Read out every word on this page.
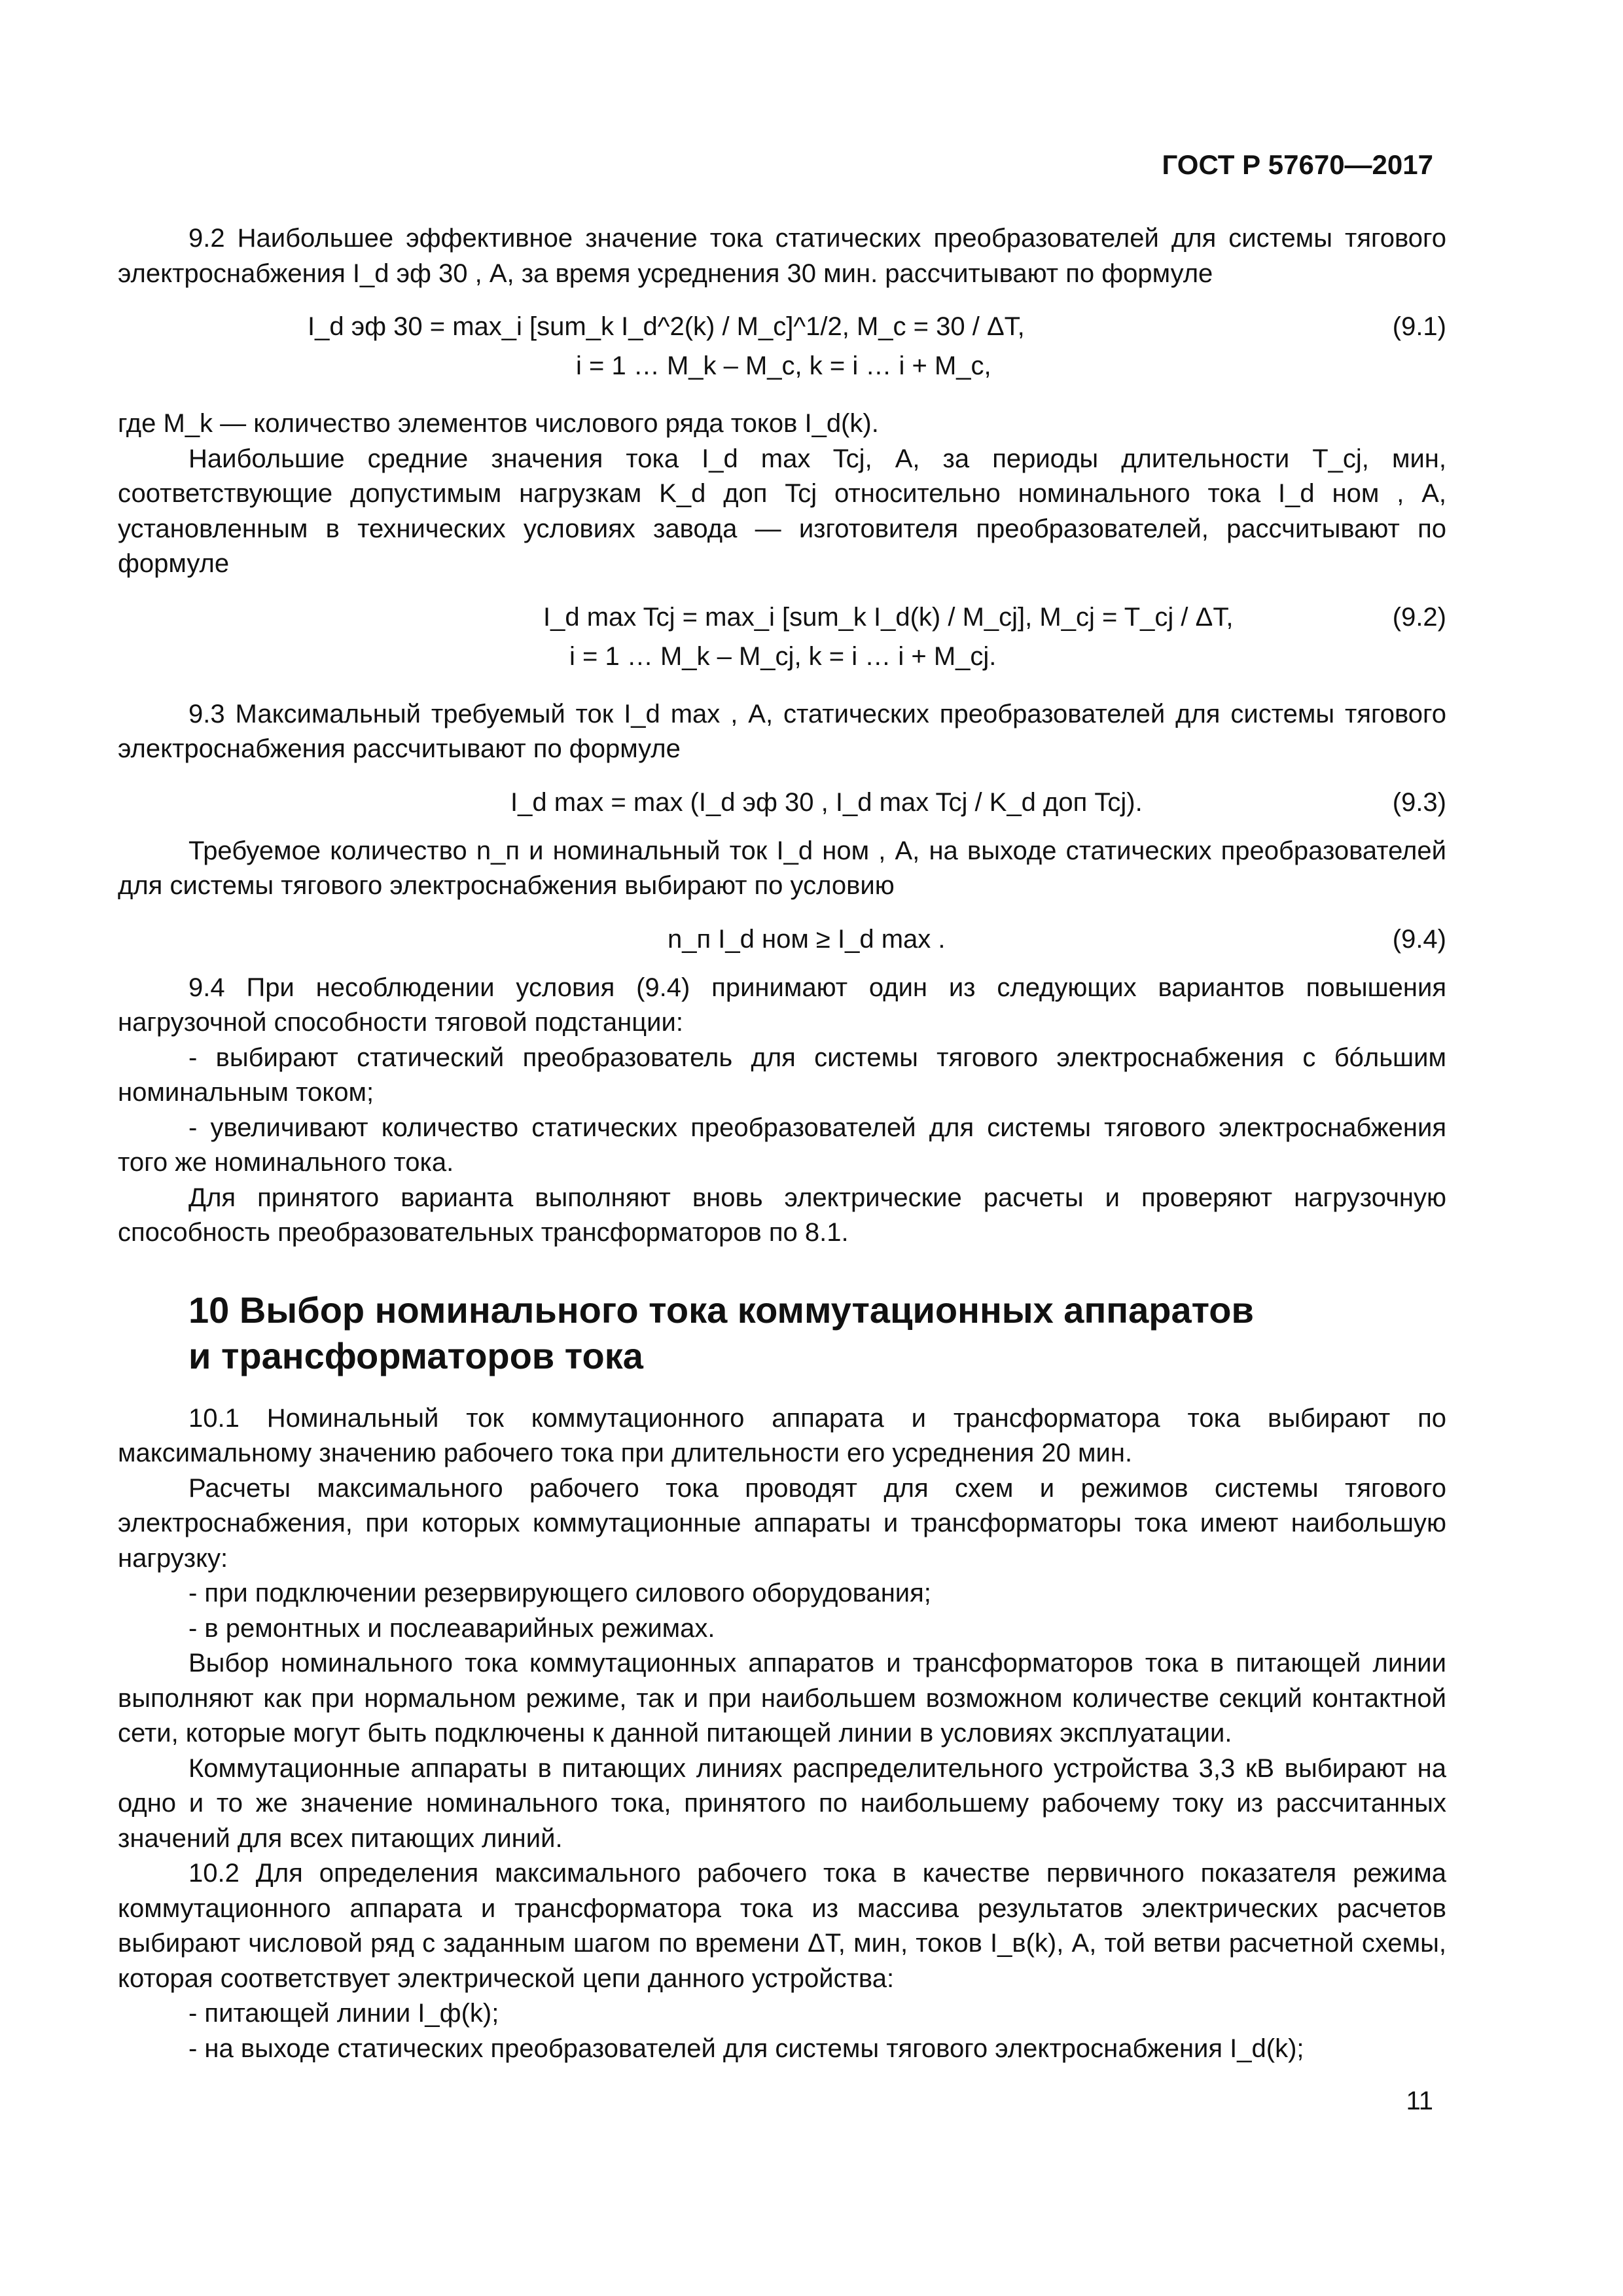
ГОСТ Р 57670—2017

9.2 Наибольшее эффективное значение тока статических преобразователей для системы тягового электроснабжения I_d эф 30 , А, за время усреднения 30 мин. рассчитывают по формуле

I_d эф 30 = max_i [sum_k I_d^2(k) / M_с]^1/2, M_с = 30 / ΔT,	(9.1)
i = 1 … M_k – M_с, k = i … i + M_с,

где M_k — количество элементов числового ряда токов I_d(k).

Наибольшие средние значения тока I_d max Tcj, А, за периоды длительности T_cj, мин, соответствующие допустимым нагрузкам K_d доп Tcj относительно номинального тока I_d ном , А, установленным в технических условиях завода — изготовителя преобразователей, рассчитывают по формуле

I_d max Tcj = max_i [sum_k I_d(k) / M_cj], M_cj = T_cj / ΔT,	(9.2)
i = 1 … M_k – M_cj, k = i … i + M_cj.

9.3 Максимальный требуемый ток I_d max , А, статических преобразователей для системы тягового электроснабжения рассчитывают по формуле

I_d max = max (I_d эф 30 , I_d max Tcj / K_d доп Tcj).	(9.3)

Требуемое количество n_п и номинальный ток I_d ном , А, на выходе статических преобразователей для системы тягового электроснабжения выбирают по условию

n_п I_d ном ≥ I_d max .	(9.4)

9.4 При несоблюдении условия (9.4) принимают один из следующих вариантов повышения нагрузочной способности тяговой подстанции:

- выбирают статический преобразователь для системы тягового электроснабжения с бóльшим номинальным током;

- увеличивают количество статических преобразователей для системы тягового электроснабжения того же номинального тока.

Для принятого варианта выполняют вновь электрические расчеты и проверяют нагрузочную способность преобразовательных трансформаторов по 8.1.

10 Выбор номинального тока коммутационных аппаратов
и трансформаторов тока

10.1 Номинальный ток коммутационного аппарата и трансформатора тока выбирают по максимальному значению рабочего тока при длительности его усреднения 20 мин.

Расчеты максимального рабочего тока проводят для схем и режимов системы тягового электроснабжения, при которых коммутационные аппараты и трансформаторы тока имеют наибольшую нагрузку:

- при подключении резервирующего силового оборудования;

- в ремонтных и послеаварийных режимах.

Выбор номинального тока коммутационных аппаратов и трансформаторов тока в питающей линии выполняют как при нормальном режиме, так и при наибольшем возможном количестве секций контактной сети, которые могут быть подключены к данной питающей линии в условиях эксплуатации.

Коммутационные аппараты в питающих линиях распределительного устройства 3,3 кВ выбирают на одно и то же значение номинального тока, принятого по наибольшему рабочему току из рассчитанных значений для всех питающих линий.

10.2 Для определения максимального рабочего тока в качестве первичного показателя режима коммутационного аппарата и трансформатора тока из массива результатов электрических расчетов выбирают числовой ряд с заданным шагом по времени ΔT, мин, токов I_в(k), А, той ветви расчетной схемы, которая соответствует электрической цепи данного устройства:

- питающей линии I_ф(k);

- на выходе статических преобразователей для системы тягового электроснабжения I_d(k);

11
